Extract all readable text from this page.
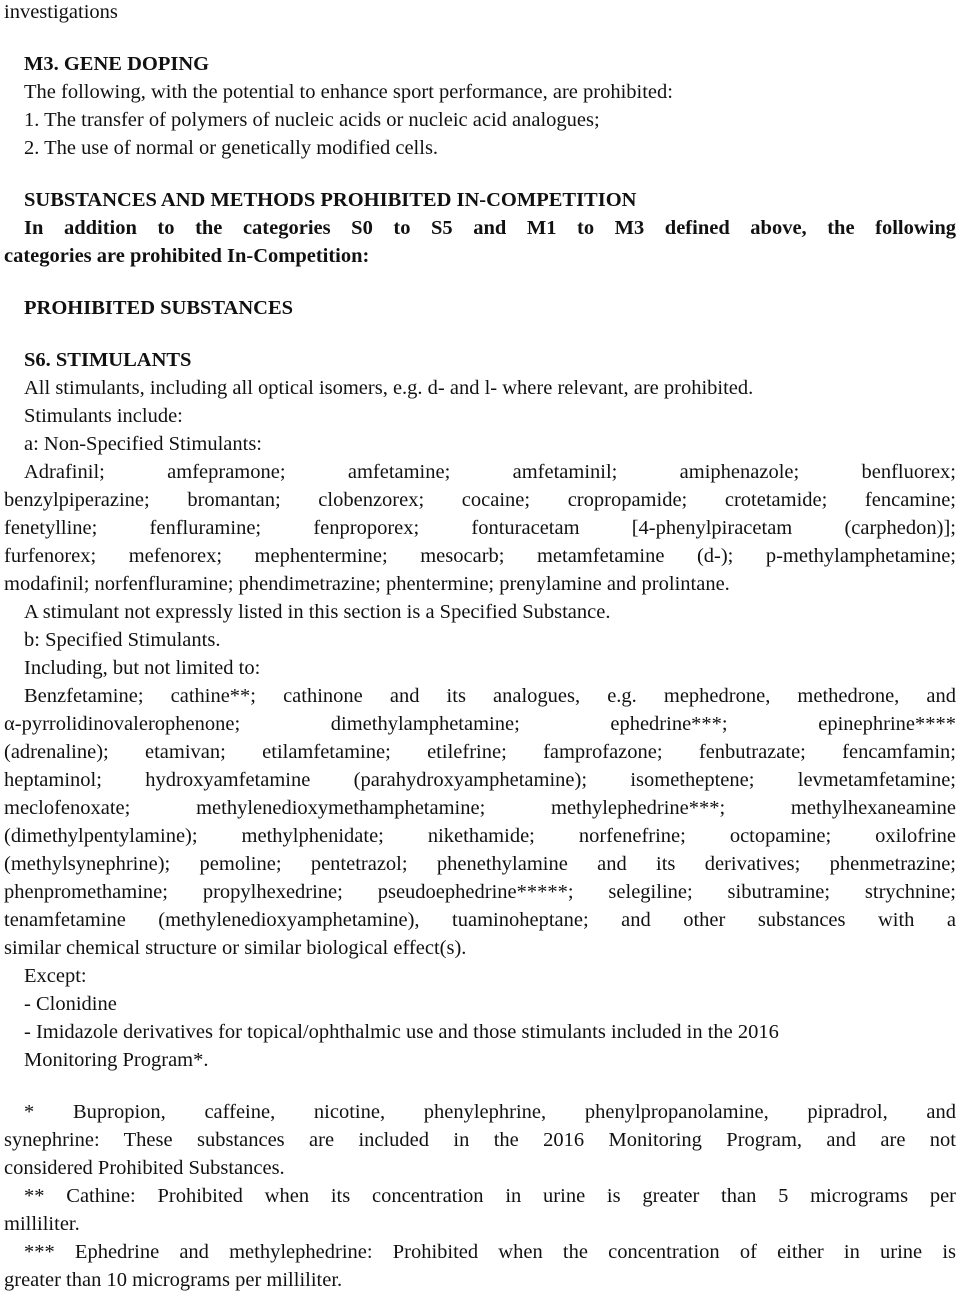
investigations
M3. GENE DOPING
The following, with the potential to enhance sport performance, are prohibited:
1. The transfer of polymers of nucleic acids or nucleic acid analogues;
2. The use of normal or genetically modified cells.
SUBSTANCES AND METHODS PROHIBITED IN-COMPETITION
In addition to the categories S0 to S5 and M1 to M3 defined above, the following
categories are prohibited In-Competition:
PROHIBITED SUBSTANCES
S6. STIMULANTS
All stimulants, including all optical isomers, e.g. d- and l- where relevant, are prohibited.
Stimulants include:
a: Non-Specified Stimulants:
Adrafinil; amfepramone; amfetamine; amfetaminil; amiphenazole; benfluorex;
benzylpiperazine; bromantan; clobenzorex; cocaine; cropropamide; crotetamide; fencamine;
fenetylline; fenfluramine; fenproporex; fonturacetam [4-phenylpiracetam (carphedon)];
furfenorex; mefenorex; mephentermine; mesocarb; metamfetamine (d-); p-methylamphetamine;
modafinil; norfenfluramine; phendimetrazine; phentermine; prenylamine and prolintane.
A stimulant not expressly listed in this section is a Specified Substance.
b: Specified Stimulants.
Including, but not limited to:
Benzfetamine; cathine**; cathinone and its analogues, e.g. mephedrone, methedrone, and
α-pyrrolidinovalerophenone; dimethylamphetamine; ephedrine***; epinephrine****
(adrenaline); etamivan; etilamfetamine; etilefrine; famprofazone; fenbutrazate; fencamfamin;
heptaminol; hydroxyamfetamine (parahydroxyamphetamine); isometheptene; levmetamfetamine;
meclofenoxate; methylenedioxymethamphetamine; methylephedrine***; methylhexaneamine
(dimethylpentylamine); methylphenidate; nikethamide; norfenefrine; octopamine; oxilofrine
(methylsynephrine); pemoline; pentetrazol; phenethylamine and its derivatives; phenmetrazine;
phenpromethamine; propylhexedrine; pseudoephedrine*****; selegiline; sibutramine; strychnine;
tenamfetamine (methylenedioxyamphetamine), tuaminoheptane; and other substances with a
similar chemical structure or similar biological effect(s).
Except:
- Clonidine
- Imidazole derivatives for topical/ophthalmic use and those stimulants included in the 2016
Monitoring Program*.
* Bupropion, caffeine, nicotine, phenylephrine, phenylpropanolamine, pipradrol, and
synephrine: These substances are included in the 2016 Monitoring Program, and are not
considered Prohibited Substances.
** Cathine: Prohibited when its concentration in urine is greater than 5 micrograms per
milliliter.
*** Ephedrine and methylephedrine: Prohibited when the concentration of either in urine is
greater than 10 micrograms per milliliter.
